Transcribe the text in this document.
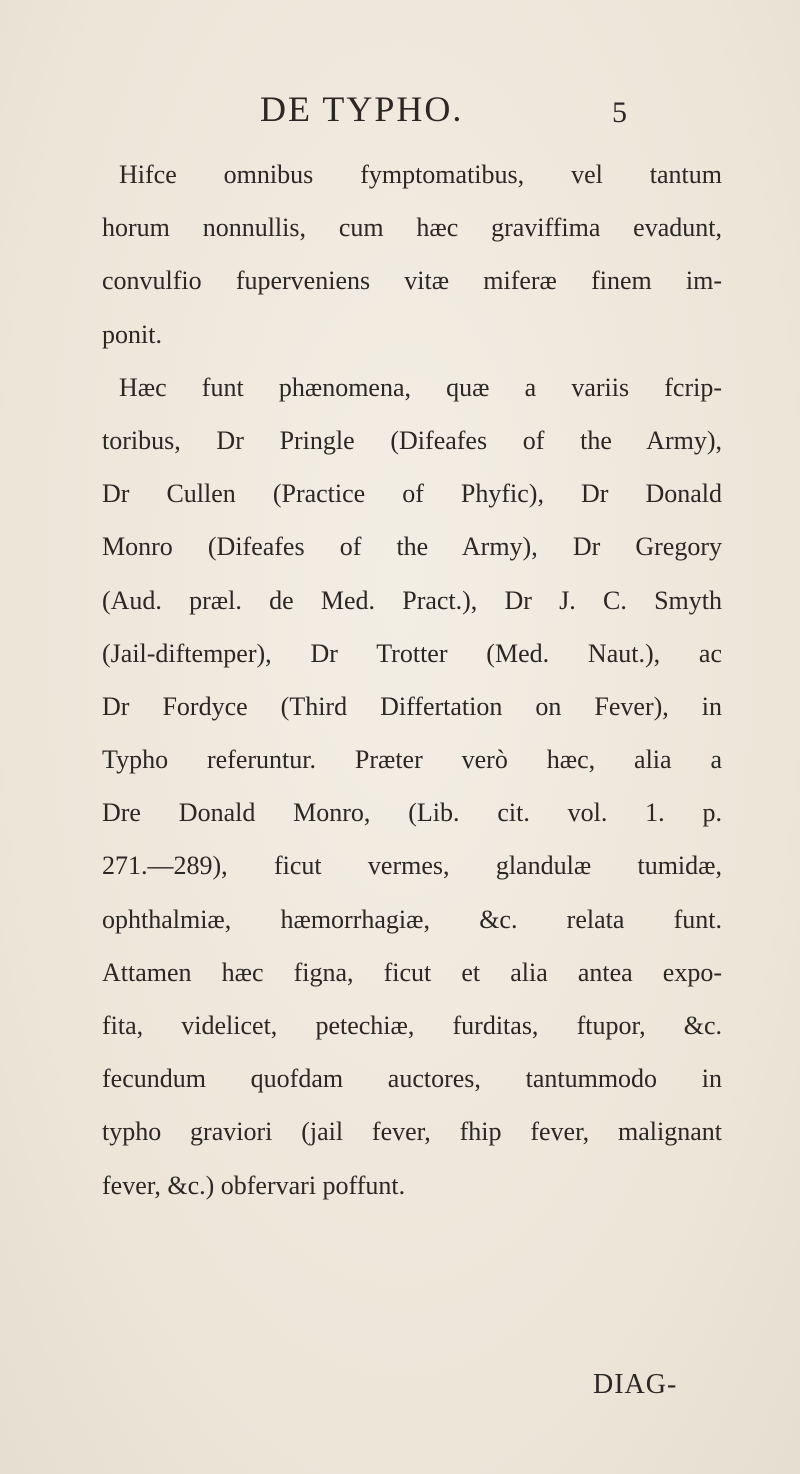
DE TYPHO.	5
Hifce omnibus fymptomatibus, vel tantum
horum nonnullis, cum hæc graviffima evadunt,
convulfio fuperveniens vitæ miferæ finem im-
ponit.
Hæc funt phænomena, quæ a variis fcrip-
toribus, Dr Pringle (Difeafes of the Army),
Dr Cullen (Practice of Phyfic), Dr Donald
Monro (Difeafes of the Army), Dr Gregory
(Aud. præl. de Med. Pract.), Dr J. C. Smyth
(Jail-diftemper), Dr Trotter (Med. Naut.), ac
Dr Fordyce (Third Differtation on Fever), in
Typho referuntur. Præter verò hæc, alia a
Dre Donald Monro, (Lib. cit. vol. 1. p.
271.—289), ficut vermes, glandulæ tumidæ,
ophthalmiæ, hæmorrhagiæ, &c. relata funt.
Attamen hæc figna, ficut et alia antea expo-
fita, videlicet, petechiæ, furditas, ftupor, &c.
fecundum quofdam auctores, tantummodo in
typho graviori (jail fever, fhip fever, malignant
fever, &c.) obfervari poffunt.
DIAG-
